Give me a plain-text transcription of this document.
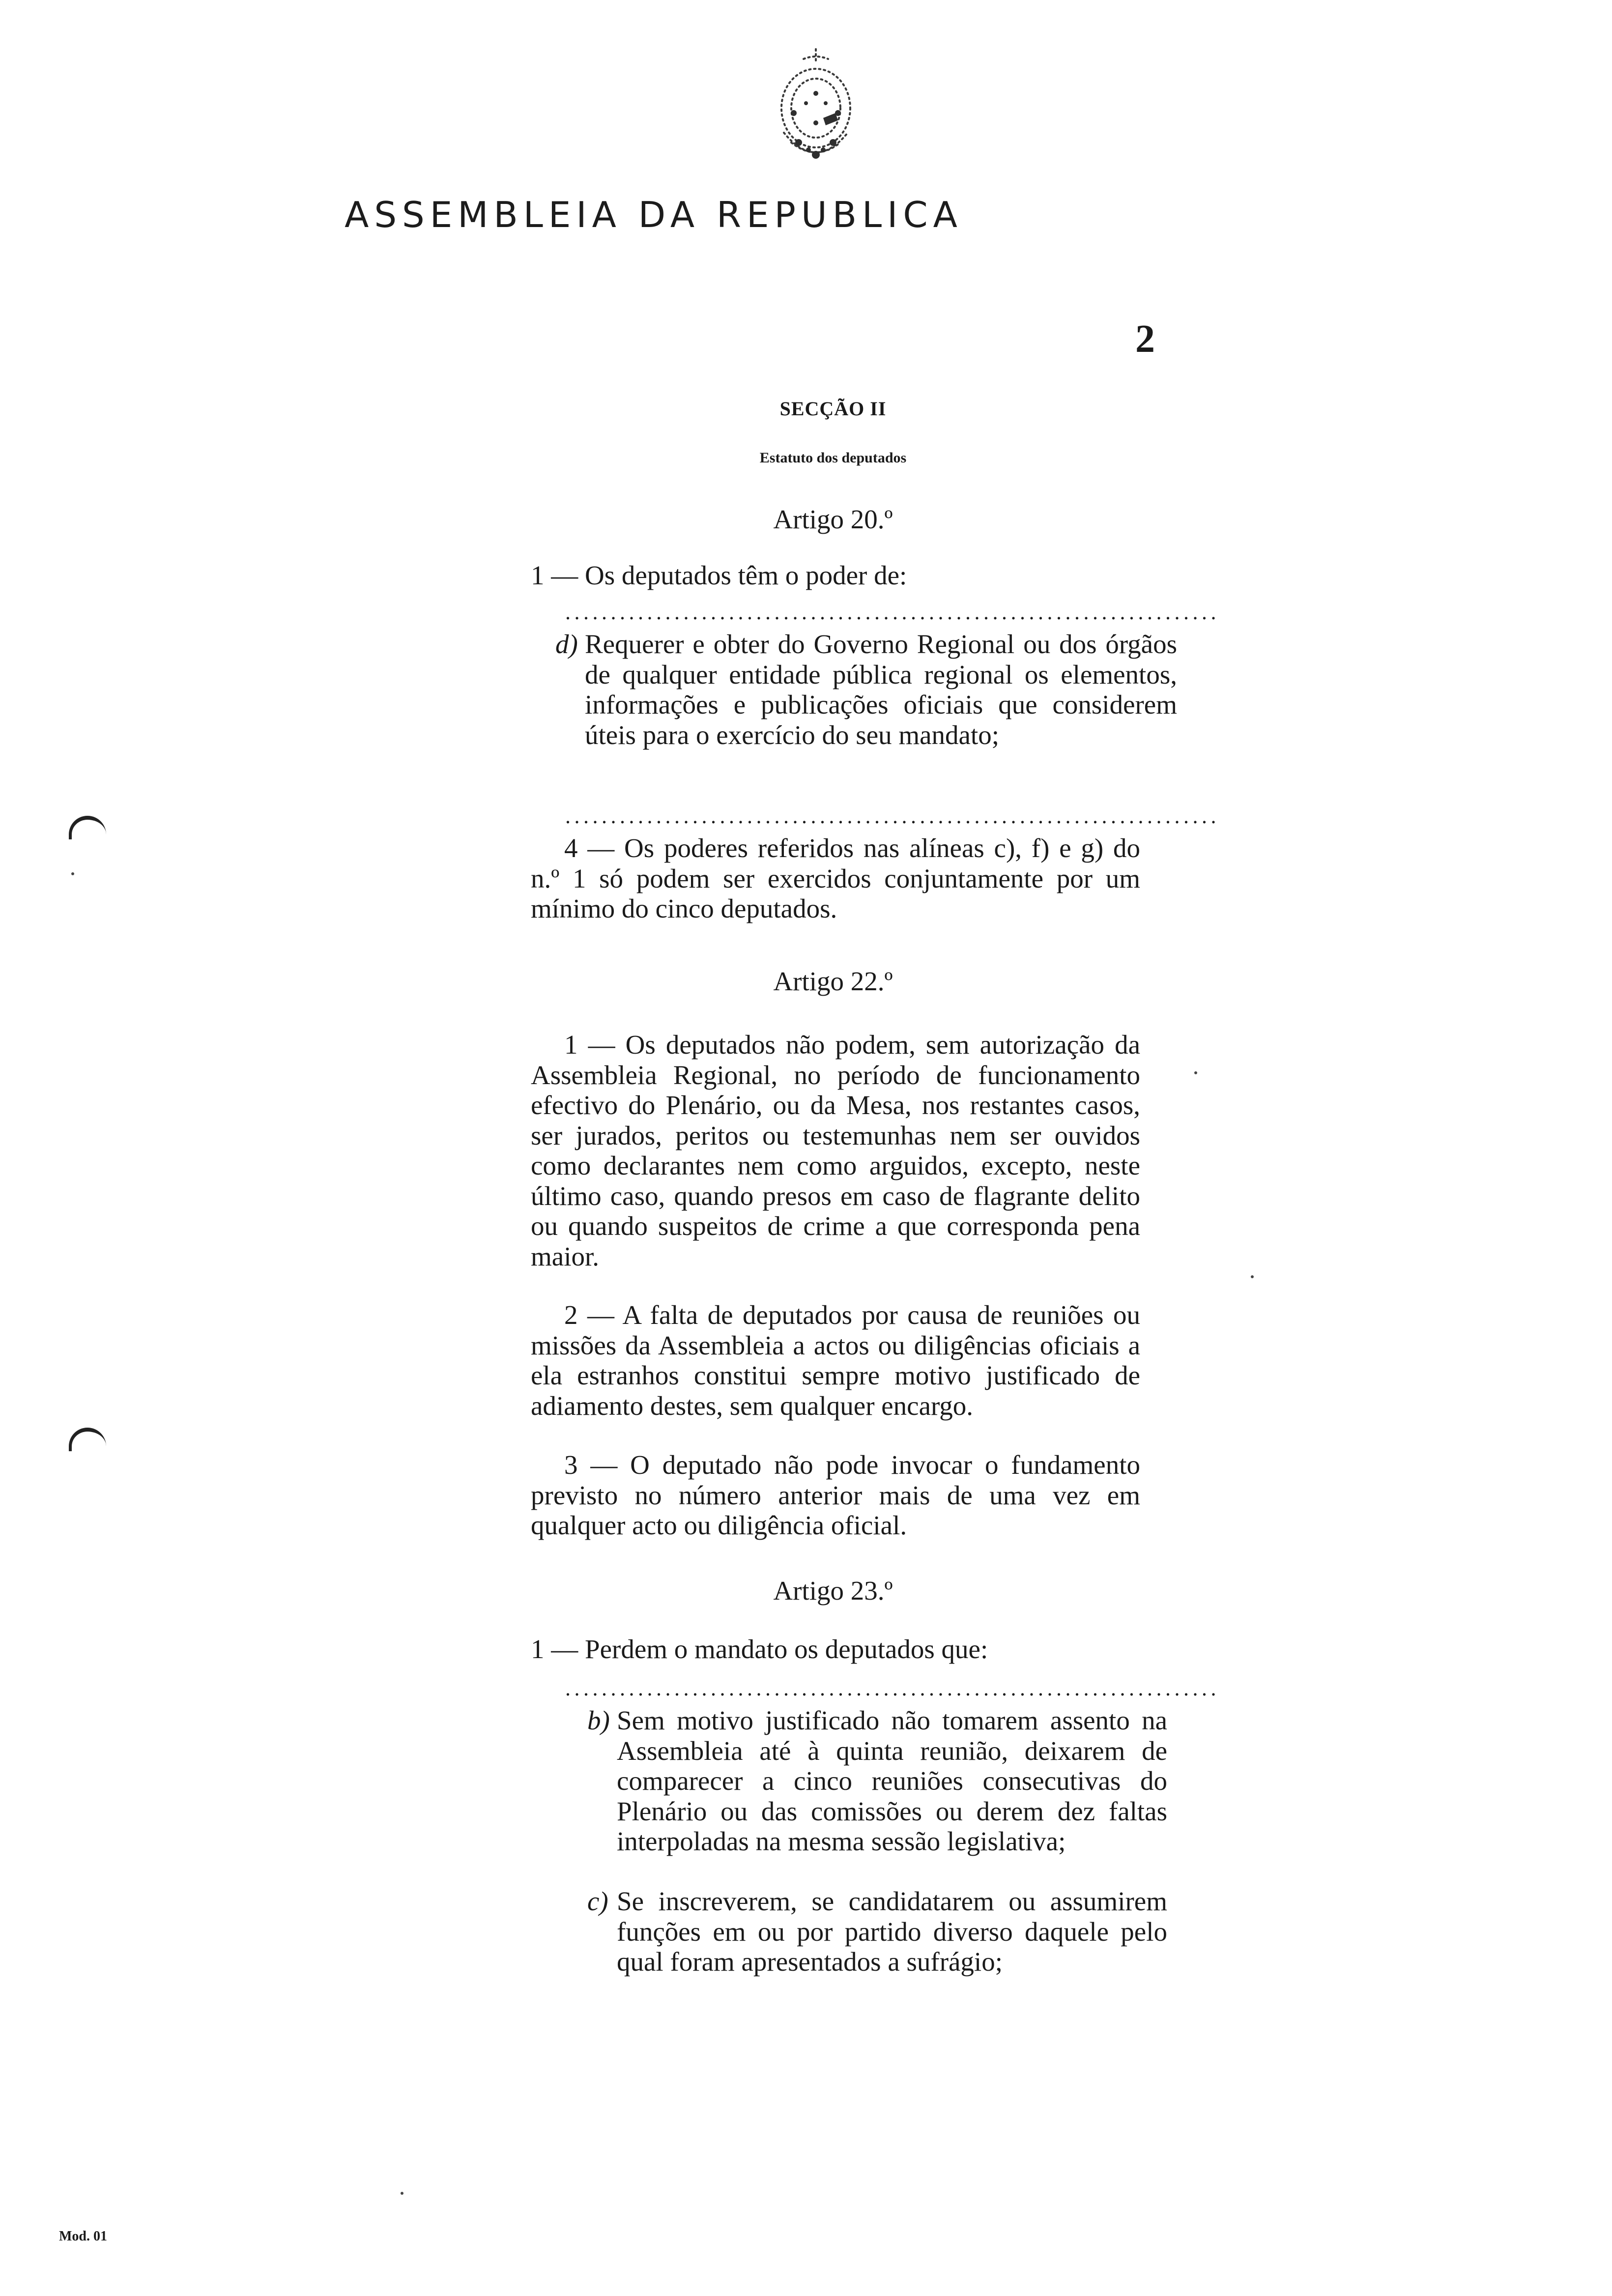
ASSEMBLEIA DA REPUBLICA
2
SECÇÃO II
Estatuto dos deputados
Artigo 20.º
1 — Os deputados têm o poder de:
........................................................................
d) Requerer e obter do Governo Regional ou dos órgãos de qualquer entidade pública regional os elementos, informações e publicações oficiais que considerem úteis para o exercício do seu mandato;
........................................................................
4 — Os poderes referidos nas alíneas c), f) e g) do n.º 1 só podem ser exercidos conjuntamente por um mínimo do cinco deputados.
Artigo 22.º
1 — Os deputados não podem, sem autorização da Assembleia Regional, no período de funcionamento efectivo do Plenário, ou da Mesa, nos restantes casos, ser jurados, peritos ou testemunhas nem ser ouvidos como declarantes nem como arguidos, excepto, neste último caso, quando presos em caso de flagrante delito ou quando suspeitos de crime a que corresponda pena maior.
2 — A falta de deputados por causa de reuniões ou missões da Assembleia a actos ou diligências oficiais a ela estranhos constitui sempre motivo justificado de adiamento destes, sem qualquer encargo.
3 — O deputado não pode invocar o fundamento previsto no número anterior mais de uma vez em qualquer acto ou diligência oficial.
Artigo 23.º
1 — Perdem o mandato os deputados que:
........................................................................
b) Sem motivo justificado não tomarem assento na Assembleia até à quinta reunião, deixarem de comparecer a cinco reuniões consecutivas do Plenário ou das comissões ou derem dez faltas interpoladas na mesma sessão legislativa;
c) Se inscreverem, se candidatarem ou assumirem funções em ou por partido diverso daquele pelo qual foram apresentados a sufrágio;
Mod. 01
